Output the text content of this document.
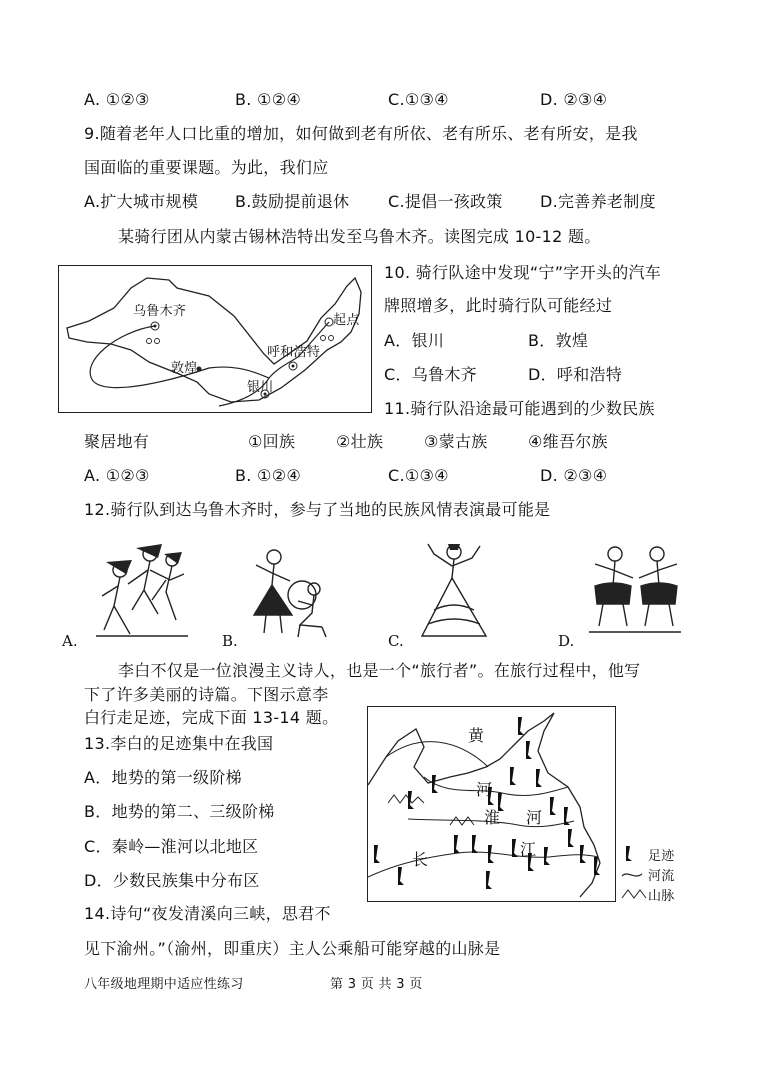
A. ①②③	B. ①②④	C.①③④	D. ②③④
9.随着老年人口比重的增加，如何做到老有所依、老有所乐、老有所安，是我
国面临的重要课题。为此，我们应
A.扩大城市规模 B.鼓励提前退休 C.提倡一孩政策 D.完善养老制度
某骑行团从内蒙古锡林浩特出发至乌鲁木齐。读图完成 10-12 题。
乌鲁木齐
起点
呼和浩特
敦煌
银川
10. 骑行队途中发现“宁”字开头的汽车
牌照增多，此时骑行队可能经过
A．银川	B．敦煌
C．乌鲁木齐	D．呼和浩特
11.骑行队沿途最可能遇到的少数民族
聚居地有	①回族	②壮族	③蒙古族	④维吾尔族
A. ①②③	B. ①②④	C.①③④	D. ②③④
12.骑行队到达乌鲁木齐时，参与了当地的民族风情表演最可能是
A.	B.	C.	D.
李白不仅是一位浪漫主义诗人，也是一个“旅行者”。在旅行过程中，他写
下了许多美丽的诗篇。下图示意李
白行走足迹，完成下面 13-14 题。
13.李白的足迹集中在我国
A．地势的第一级阶梯
B．地势的第二、三级阶梯
C．秦岭—淮河以北地区
D．少数民族集中分布区
14.诗句“夜发清溪向三峡，思君不
见下渝州。”（渝州，即重庆）主人公乘船可能穿越的山脉是
黄
河
淮 河
长
江	足迹
河流
山脉
八年级地理期中适应性练习	第 3 页 共 3 页
